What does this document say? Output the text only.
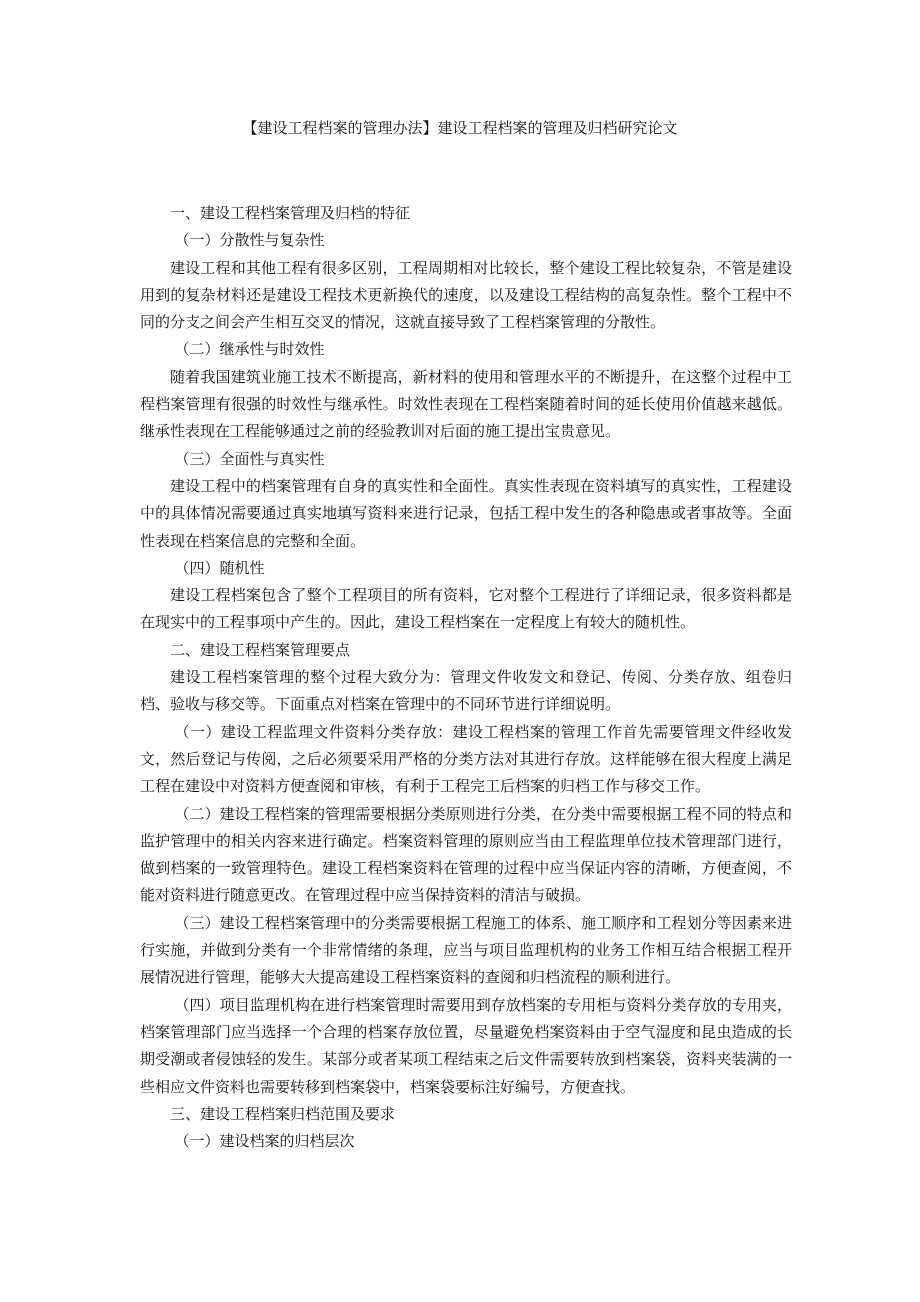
【建设工程档案的管理办法】建设工程档案的管理及归档研究论文

一、建设工程档案管理及归档的特征

（一）分散性与复杂性

建设工程和其他工程有很多区别，工程周期相对比较长，整个建设工程比较复杂，不管是建设用到的复杂材料还是建设工程技术更新换代的速度，以及建设工程结构的高复杂性。整个工程中不同的分支之间会产生相互交叉的情况，这就直接导致了工程档案管理的分散性。

（二）继承性与时效性

随着我国建筑业施工技术不断提高，新材料的使用和管理水平的不断提升，在这整个过程中工程档案管理有很强的时效性与继承性。时效性表现在工程档案随着时间的延长使用价值越来越低。继承性表现在工程能够通过之前的经验教训对后面的施工提出宝贵意见。

（三）全面性与真实性

建设工程中的档案管理有自身的真实性和全面性。真实性表现在资料填写的真实性，工程建设中的具体情况需要通过真实地填写资料来进行记录，包括工程中发生的各种隐患或者事故等。全面性表现在档案信息的完整和全面。

（四）随机性

建设工程档案包含了整个工程项目的所有资料，它对整个工程进行了详细记录，很多资料都是在现实中的工程事项中产生的。因此，建设工程档案在一定程度上有较大的随机性。

二、建设工程档案管理要点

建设工程档案管理的整个过程大致分为：管理文件收发文和登记、传阅、分类存放、组卷归档、验收与移交等。下面重点对档案在管理中的不同环节进行详细说明。

（一）建设工程监理文件资料分类存放：建设工程档案的管理工作首先需要管理文件经收发文，然后登记与传阅，之后必须要采用严格的分类方法对其进行存放。这样能够在很大程度上满足工程在建设中对资料方便查阅和审核，有利于工程完工后档案的归档工作与移交工作。

（二）建设工程档案的管理需要根据分类原则进行分类，在分类中需要根据工程不同的特点和监护管理中的相关内容来进行确定。档案资料管理的原则应当由工程监理单位技术管理部门进行，做到档案的一致管理特色。建设工程档案资料在管理的过程中应当保证内容的清晰，方便查阅，不能对资料进行随意更改。在管理过程中应当保持资料的清洁与破损。

（三）建设工程档案管理中的分类需要根据工程施工的体系、施工顺序和工程划分等因素来进行实施，并做到分类有一个非常情绪的条理，应当与项目监理机构的业务工作相互结合根据工程开展情况进行管理，能够大大提高建设工程档案资料的查阅和归档流程的顺利进行。

（四）项目监理机构在进行档案管理时需要用到存放档案的专用柜与资料分类存放的专用夹，档案管理部门应当选择一个合理的档案存放位置，尽量避免档案资料由于空气湿度和昆虫造成的长期受潮或者侵蚀轻的发生。某部分或者某项工程结束之后文件需要转放到档案袋，资料夹装满的一些相应文件资料也需要转移到档案袋中，档案袋要标注好编号，方便查找。

三、建设工程档案归档范围及要求

（一）建设档案的归档层次
